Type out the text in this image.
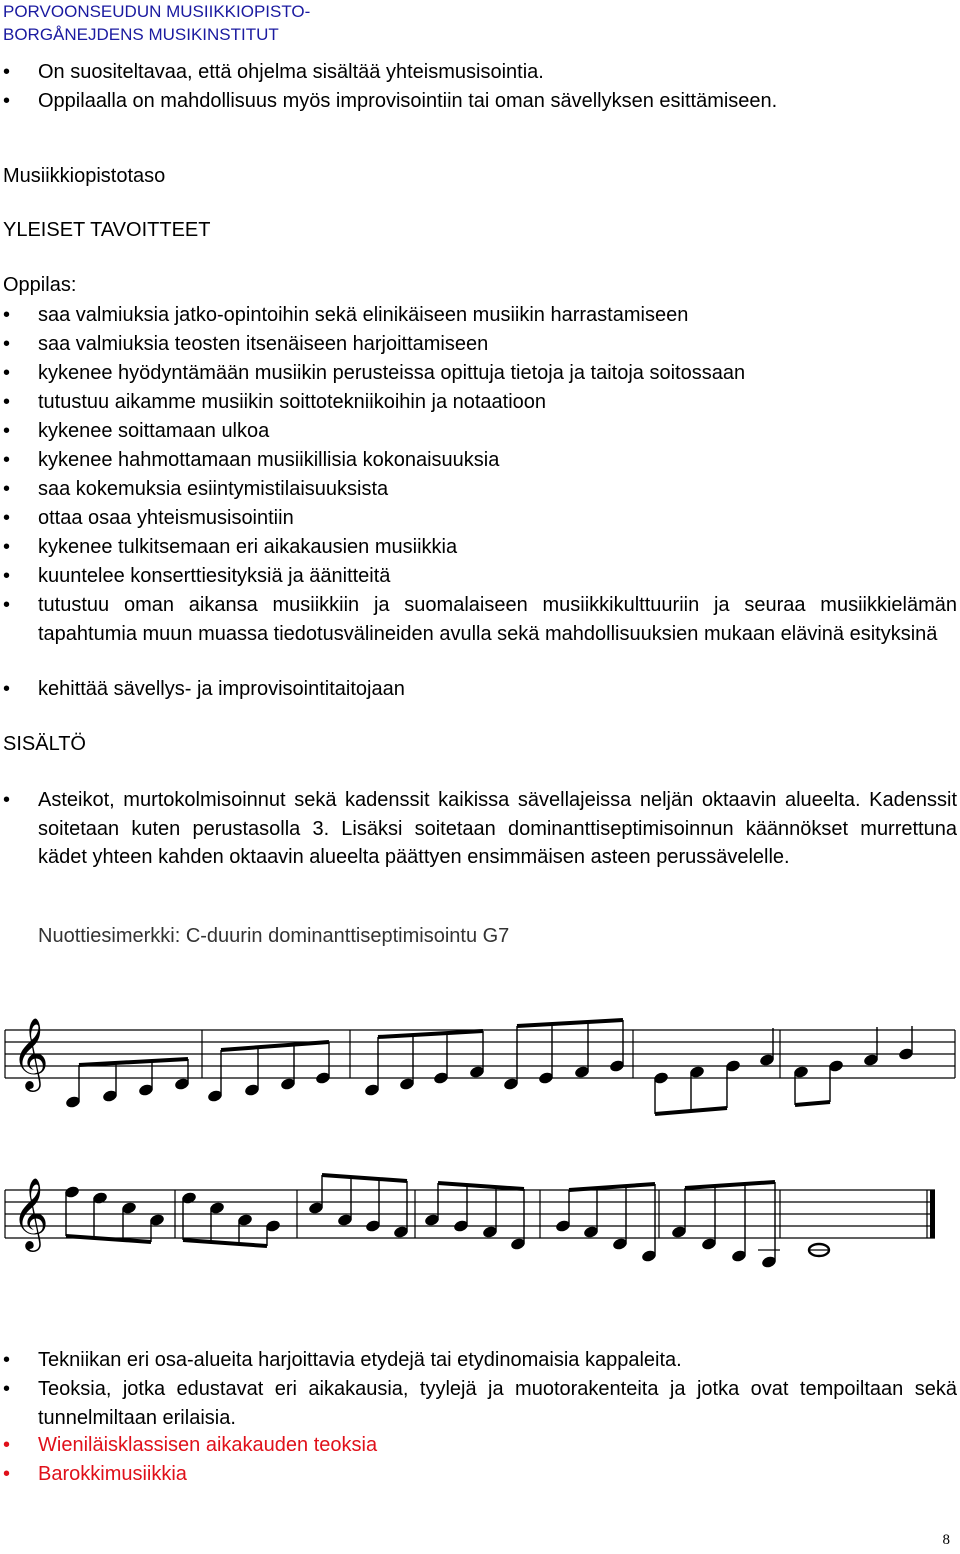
PORVOONSEUDUN MUSIIKKIOPISTO-
BORGÅNEJDENS MUSIKINSTITUT
• On suositeltavaa, että ohjelma sisältää yhteismusisointia.
• Oppilaalla on mahdollisuus myös improvisointiin tai oman sävellyksen esittämiseen.
Musiikkiopistotaso
YLEISET TAVOITTEET
Oppilas:
• saa valmiuksia jatko-opintoihin sekä elinikäiseen musiikin harrastamiseen
• saa valmiuksia teosten itsenäiseen harjoittamiseen
• kykenee hyödyntämään musiikin perusteissa opittuja tietoja ja taitoja soitossaan
• tutustuu aikamme musiikin soittotekniikoihin ja notaatioon
• kykenee soittamaan ulkoa
• kykenee hahmottamaan musiikillisia kokonaisuuksia
• saa kokemuksia esiintymistilaisuuksista
• ottaa osaa yhteismusisointiin
• kykenee tulkitsemaan eri aikakausien musiikkia
• kuuntelee konserttiesityksiä ja äänitteitä
• tutustuu oman aikansa musiikkiin ja suomalaiseen musiikkikulttuuriin ja seuraa musiikkielämän tapahtumia muun muassa tiedotusvälineiden avulla sekä mahdollisuuksien mukaan elävinä esityksinä
• kehittää sävellys- ja improvisointitaitojaan
SISÄLTÖ
• Asteikot, murtokolmisoinnut sekä kadenssit kaikissa sävellajeissa neljän oktaavin alueelta. Kadenssit soitetaan kuten perustasolla 3. Lisäksi soitetaan dominanttiseptimisoinnun käännökset murrettuna kädet yhteen kahden oktaavin alueelta päättyen ensimmäisen asteen perussävelelle.
Nuottiesimerkki: C-duurin dominanttiseptimisointu G7
𝄞
𝄞
• Tekniikan eri osa-alueita harjoittavia etydejä tai etydinomaisia kappaleita.
• Teoksia, jotka edustavat eri aikakausia, tyylejä ja muotorakenteita ja jotka ovat tempoiltaan sekä tunnelmiltaan erilaisia.
• Wieniläisklassisen aikakauden teoksia
• Barokkimusiikkia
8
